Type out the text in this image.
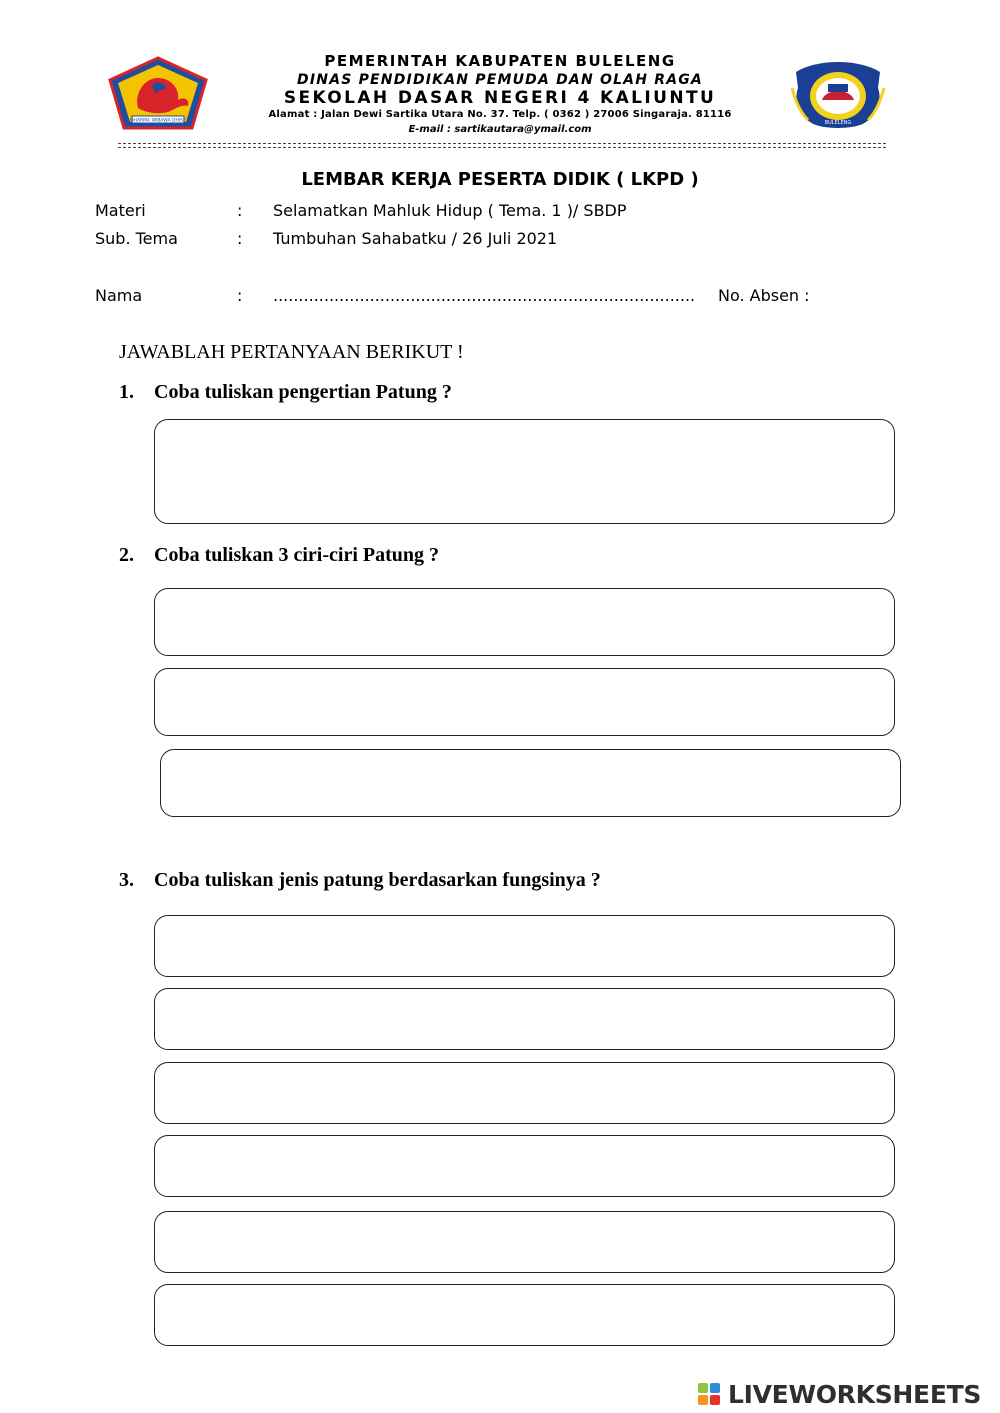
DHARMA WIBAWA DHISE	BULELENG
PEMERINTAH KABUPATEN BULELENG
DINAS PENDIDIKAN PEMUDA DAN OLAH RAGA
SEKOLAH DASAR NEGERI 4 KALIUNTU
Alamat : Jalan Dewi Sartika Utara No. 37. Telp. ( 0362 ) 27006 Singaraja. 81116
E-mail : sartikautara@ymail.com
LEMBAR KERJA PESERTA DIDIK ( LKPD )
Materi	: Selamatkan Mahluk Hidup ( Tema. 1 )/ SBDP
Sub. Tema	: Tumbuhan Sahabatku / 26 Juli 2021
Nama	: ................................................................................... No. Absen :
JAWABLAH PERTANYAAN BERIKUT !
1. Coba tuliskan pengertian Patung ?
2. Coba tuliskan 3 ciri-ciri Patung ?
3. Coba tuliskan jenis patung berdasarkan fungsinya ?
LIVEWORKSHEETS
